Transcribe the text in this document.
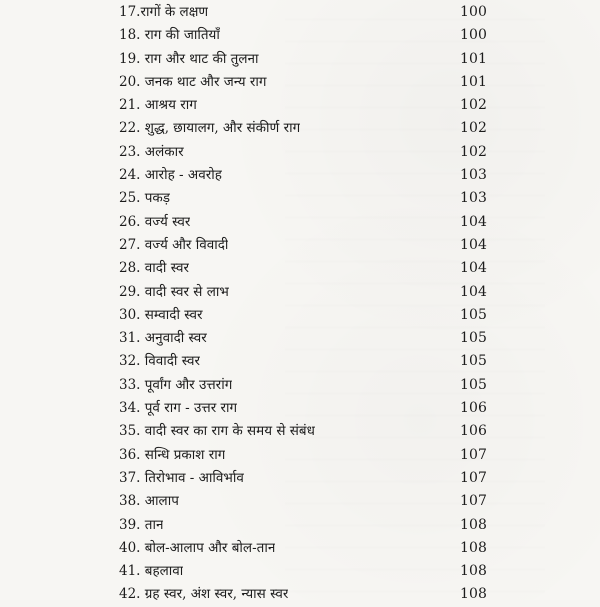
17.रागों के लक्षण	100
18. राग की जातियाँ	100
19. राग और थाट की तुलना	101
20. जनक थाट और जन्य राग	101
21. आश्रय राग	102
22. शुद्ध, छायालग, और संकीर्ण राग	102
23. अलंकार	102
24. आरोह - अवरोह	103
25. पकड़	103
26. वर्ज्य स्वर	104
27. वर्ज्य और विवादी	104
28. वादी स्वर	104
29. वादी स्वर से लाभ	104
30. सम्वादी स्वर	105
31. अनुवादी स्वर	105
32. विवादी स्वर	105
33. पूर्वांग और उत्तरांग	105
34. पूर्व राग - उत्तर राग	106
35. वादी स्वर का राग के समय से संबंध	106
36. सन्धि प्रकाश राग	107
37. तिरोभाव - आविर्भाव	107
38. आलाप	107
39. तान	108
40. बोल-आलाप और बोल-तान	108
41. बहलावा	108
42. ग्रह स्वर, अंश स्वर, न्यास स्वर	108
